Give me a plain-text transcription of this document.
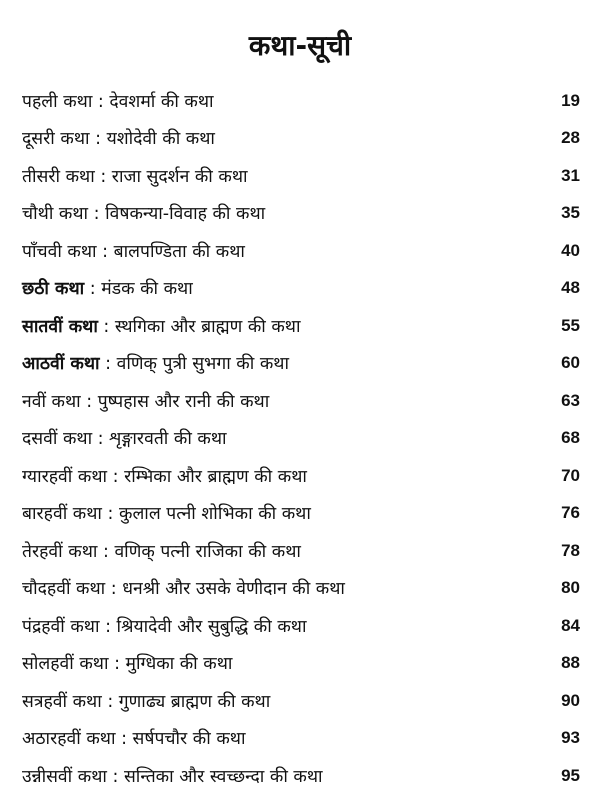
कथा-सूची
पहली कथा : देवशर्मा की कथा	19
दूसरी कथा : यशोदेवी की कथा	28
तीसरी कथा : राजा सुदर्शन की कथा	31
चौथी कथा : विषकन्या-विवाह की कथा	35
पाँचवी कथा : बालपण्डिता की कथा	40
छठी कथा : मंडक की कथा	48
सातवीं कथा : स्थगिका और ब्राह्मण की कथा	55
आठवीं कथा : वणिक् पुत्री सुभगा की कथा	60
नवीं कथा : पुष्पहास और रानी की कथा	63
दसवीं कथा : शृङ्गारवती की कथा	68
ग्यारहवीं कथा : रम्भिका और ब्राह्मण की कथा	70
बारहवीं कथा : कुलाल पत्नी शोभिका की कथा	76
तेरहवीं कथा : वणिक् पत्नी राजिका की कथा	78
चौदहवीं कथा : धनश्री और उसके वेणीदान की कथा	80
पंद्रहवीं कथा : श्रियादेवी और सुबुद्धि की कथा	84
सोलहवीं कथा : मुग्धिका की कथा	88
सत्रहवीं कथा : गुणाढ्य ब्राह्मण की कथा	90
अठारहवीं कथा : सर्षपचौर की कथा	93
उन्नीसवीं कथा : सन्तिका और स्वच्छन्दा की कथा	95
